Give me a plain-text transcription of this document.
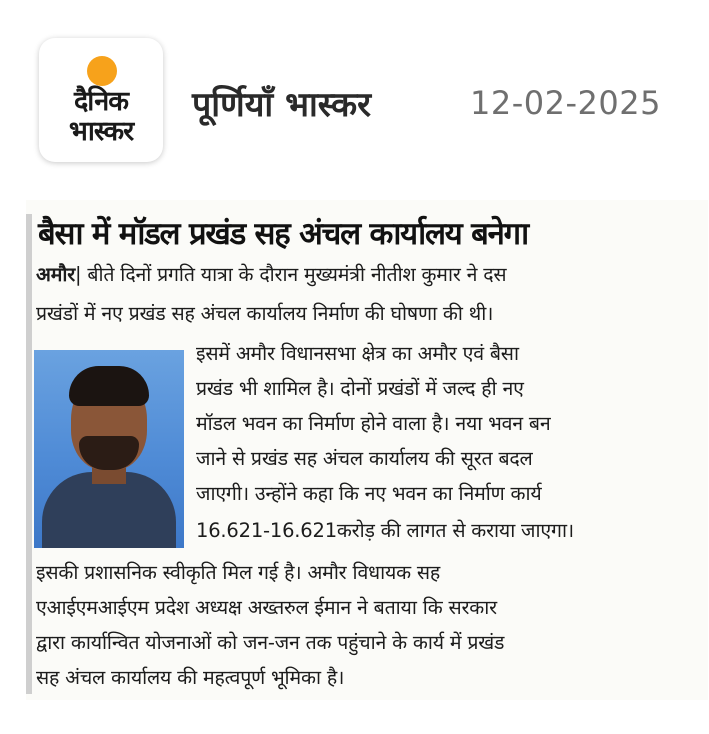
दैनिक
भास्कर
पूर्णियाँ भास्कर	12-02-2025
बैसा में मॉडल प्रखंड सह अंचल कार्यालय बनेगा
अमौर| बीते दिनों प्रगति यात्रा के दौरान मुख्यमंत्री नीतीश कुमार ने दस
प्रखंडों में नए प्रखंड सह अंचल कार्यालय निर्माण की घोषणा की थी।
इसमें अमौर विधानसभा क्षेत्र का अमौर एवं बैसा
प्रखंड भी शामिल है। दोनों प्रखंडों में जल्द ही नए
मॉडल भवन का निर्माण होने वाला है। नया भवन बन
जाने से प्रखंड सह अंचल कार्यालय की सूरत बदल
जाएगी। उन्होंने कहा कि नए भवन का निर्माण कार्य
16.621-16.621करोड़ की लागत से कराया जाएगा।
इसकी प्रशासनिक स्वीकृति मिल गई है। अमौर विधायक सह
एआईएमआईएम प्रदेश अध्यक्ष अख्तरुल ईमान ने बताया कि सरकार
द्वारा कार्यान्वित योजनाओं को जन-जन तक पहुंचाने के कार्य में प्रखंड
सह अंचल कार्यालय की महत्वपूर्ण भूमिका है।
